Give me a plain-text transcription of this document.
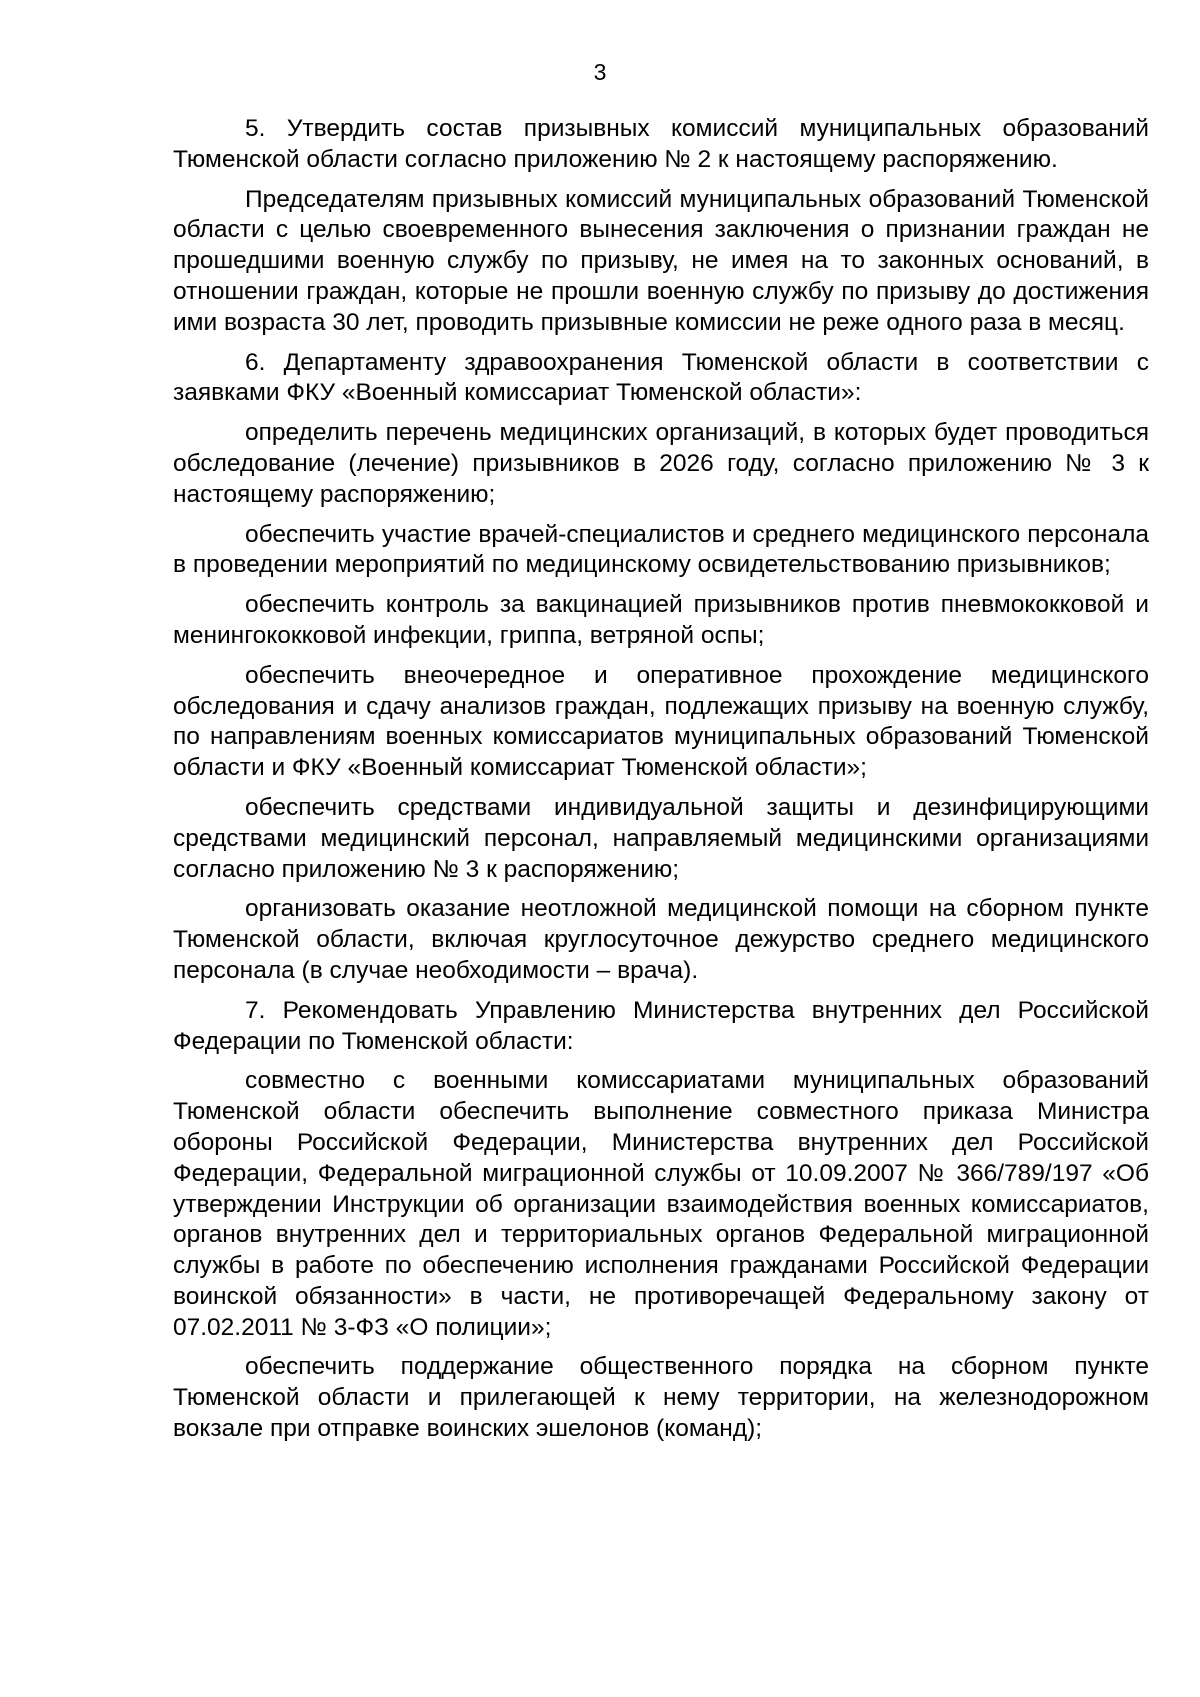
3

5. Утвердить состав призывных комиссий муниципальных образований Тюменской области согласно приложению № 2 к настоящему распоряжению.

Председателям призывных комиссий муниципальных образований Тюменской области с целью своевременного вынесения заключения о признании граждан не прошедшими военную службу по призыву, не имея на то законных оснований, в отношении граждан, которые не прошли военную службу по призыву до достижения ими возраста 30 лет, проводить призывные комиссии не реже одного раза в месяц.

6. Департаменту здравоохранения Тюменской области в соответствии с заявками ФКУ «Военный комиссариат Тюменской области»:

определить перечень медицинских организаций, в которых будет проводиться обследование (лечение) призывников в 2026 году, согласно приложению № 3 к настоящему распоряжению;

обеспечить участие врачей-специалистов и среднего медицинского персонала в проведении мероприятий по медицинскому освидетельствованию призывников;

обеспечить контроль за вакцинацией призывников против пневмококковой и менингококковой инфекции, гриппа, ветряной оспы;

обеспечить внеочередное и оперативное прохождение медицинского обследования и сдачу анализов граждан, подлежащих призыву на военную службу, по направлениям военных комиссариатов муниципальных образований Тюменской области и ФКУ «Военный комиссариат Тюменской области»;

обеспечить средствами индивидуальной защиты и дезинфицирующими средствами медицинский персонал, направляемый медицинскими организациями согласно приложению № 3 к распоряжению;

организовать оказание неотложной медицинской помощи на сборном пункте Тюменской области, включая круглосуточное дежурство среднего медицинского персонала (в случае необходимости – врача).

7. Рекомендовать Управлению Министерства внутренних дел Российской Федерации по Тюменской области:

совместно с военными комиссариатами муниципальных образований Тюменской области обеспечить выполнение совместного приказа Министра обороны Российской Федерации, Министерства внутренних дел Российской Федерации, Федеральной миграционной службы от 10.09.2007 № 366/789/197 «Об утверждении Инструкции об организации взаимодействия военных комиссариатов, органов внутренних дел и территориальных органов Федеральной миграционной службы в работе по обеспечению исполнения гражданами Российской Федерации воинской обязанности» в части, не противоречащей Федеральному закону от 07.02.2011 № 3-ФЗ «О полиции»;

обеспечить поддержание общественного порядка на сборном пункте Тюменской области и прилегающей к нему территории, на железнодорожном вокзале при отправке воинских эшелонов (команд);
